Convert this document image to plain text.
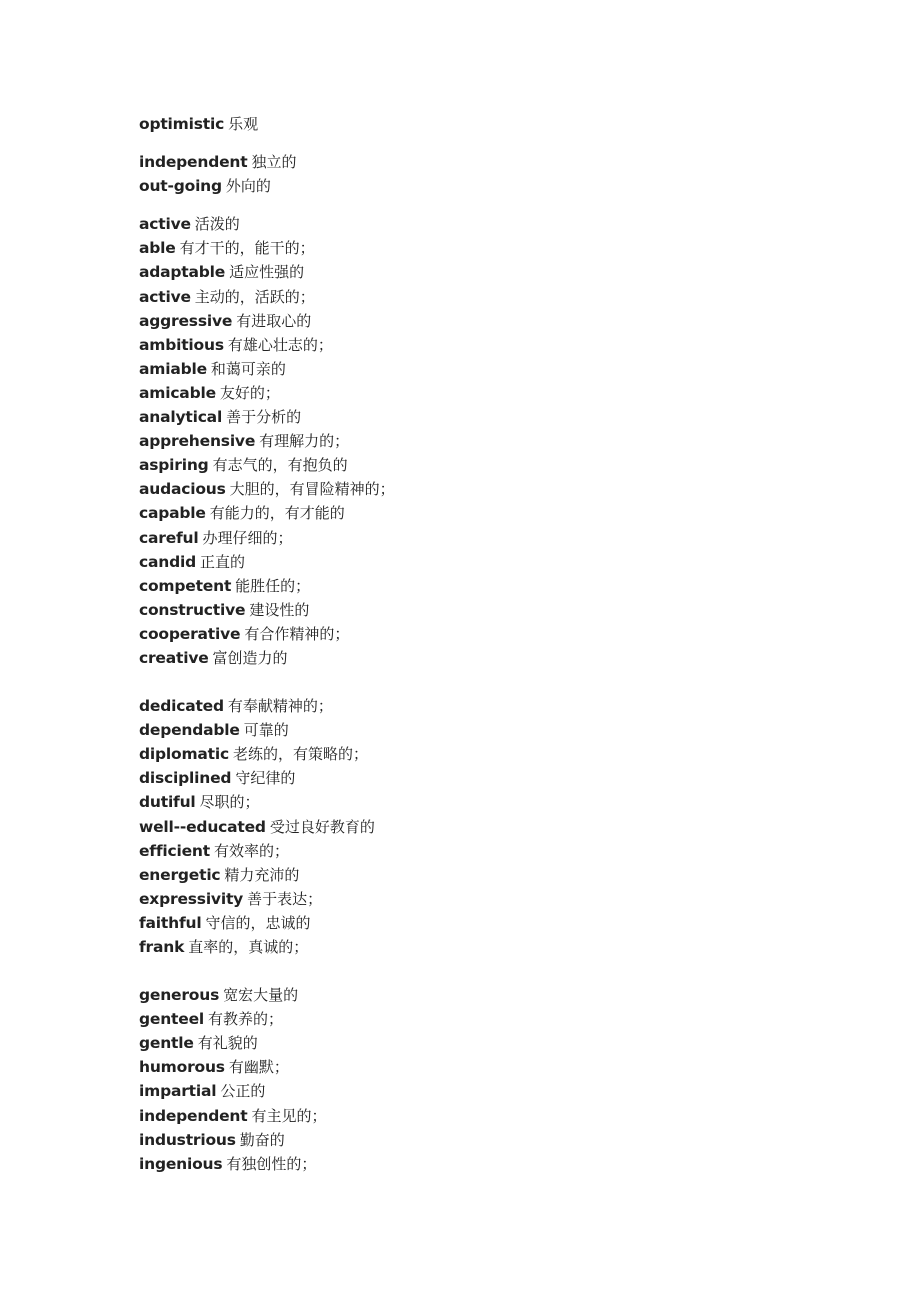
optimistic 乐观
independent 独立的
out-going 外向的
active 活泼的
able 有才干的，能干的；
adaptable 适应性强的
active 主动的，活跃的；
aggressive 有进取心的
ambitious 有雄心壮志的；
amiable 和蔼可亲的
amicable 友好的；
analytical 善于分析的
apprehensive 有理解力的；
aspiring 有志气的，有抱负的
audacious 大胆的，有冒险精神的；
capable 有能力的，有才能的
careful 办理仔细的；
candid 正直的
competent 能胜任的；
constructive 建设性的
cooperative 有合作精神的；
creative 富创造力的
dedicated 有奉献精神的；
dependable 可靠的
diplomatic 老练的，有策略的；
disciplined 守纪律的
dutiful 尽职的；
well--educated 受过良好教育的
efficient 有效率的；
energetic 精力充沛的
expressivity 善于表达；
faithful 守信的，忠诚的
frank 直率的，真诚的；
generous 宽宏大量的
genteel 有教养的；
gentle 有礼貌的
humorous 有幽默；
impartial 公正的
independent 有主见的；
industrious 勤奋的
ingenious 有独创性的；
